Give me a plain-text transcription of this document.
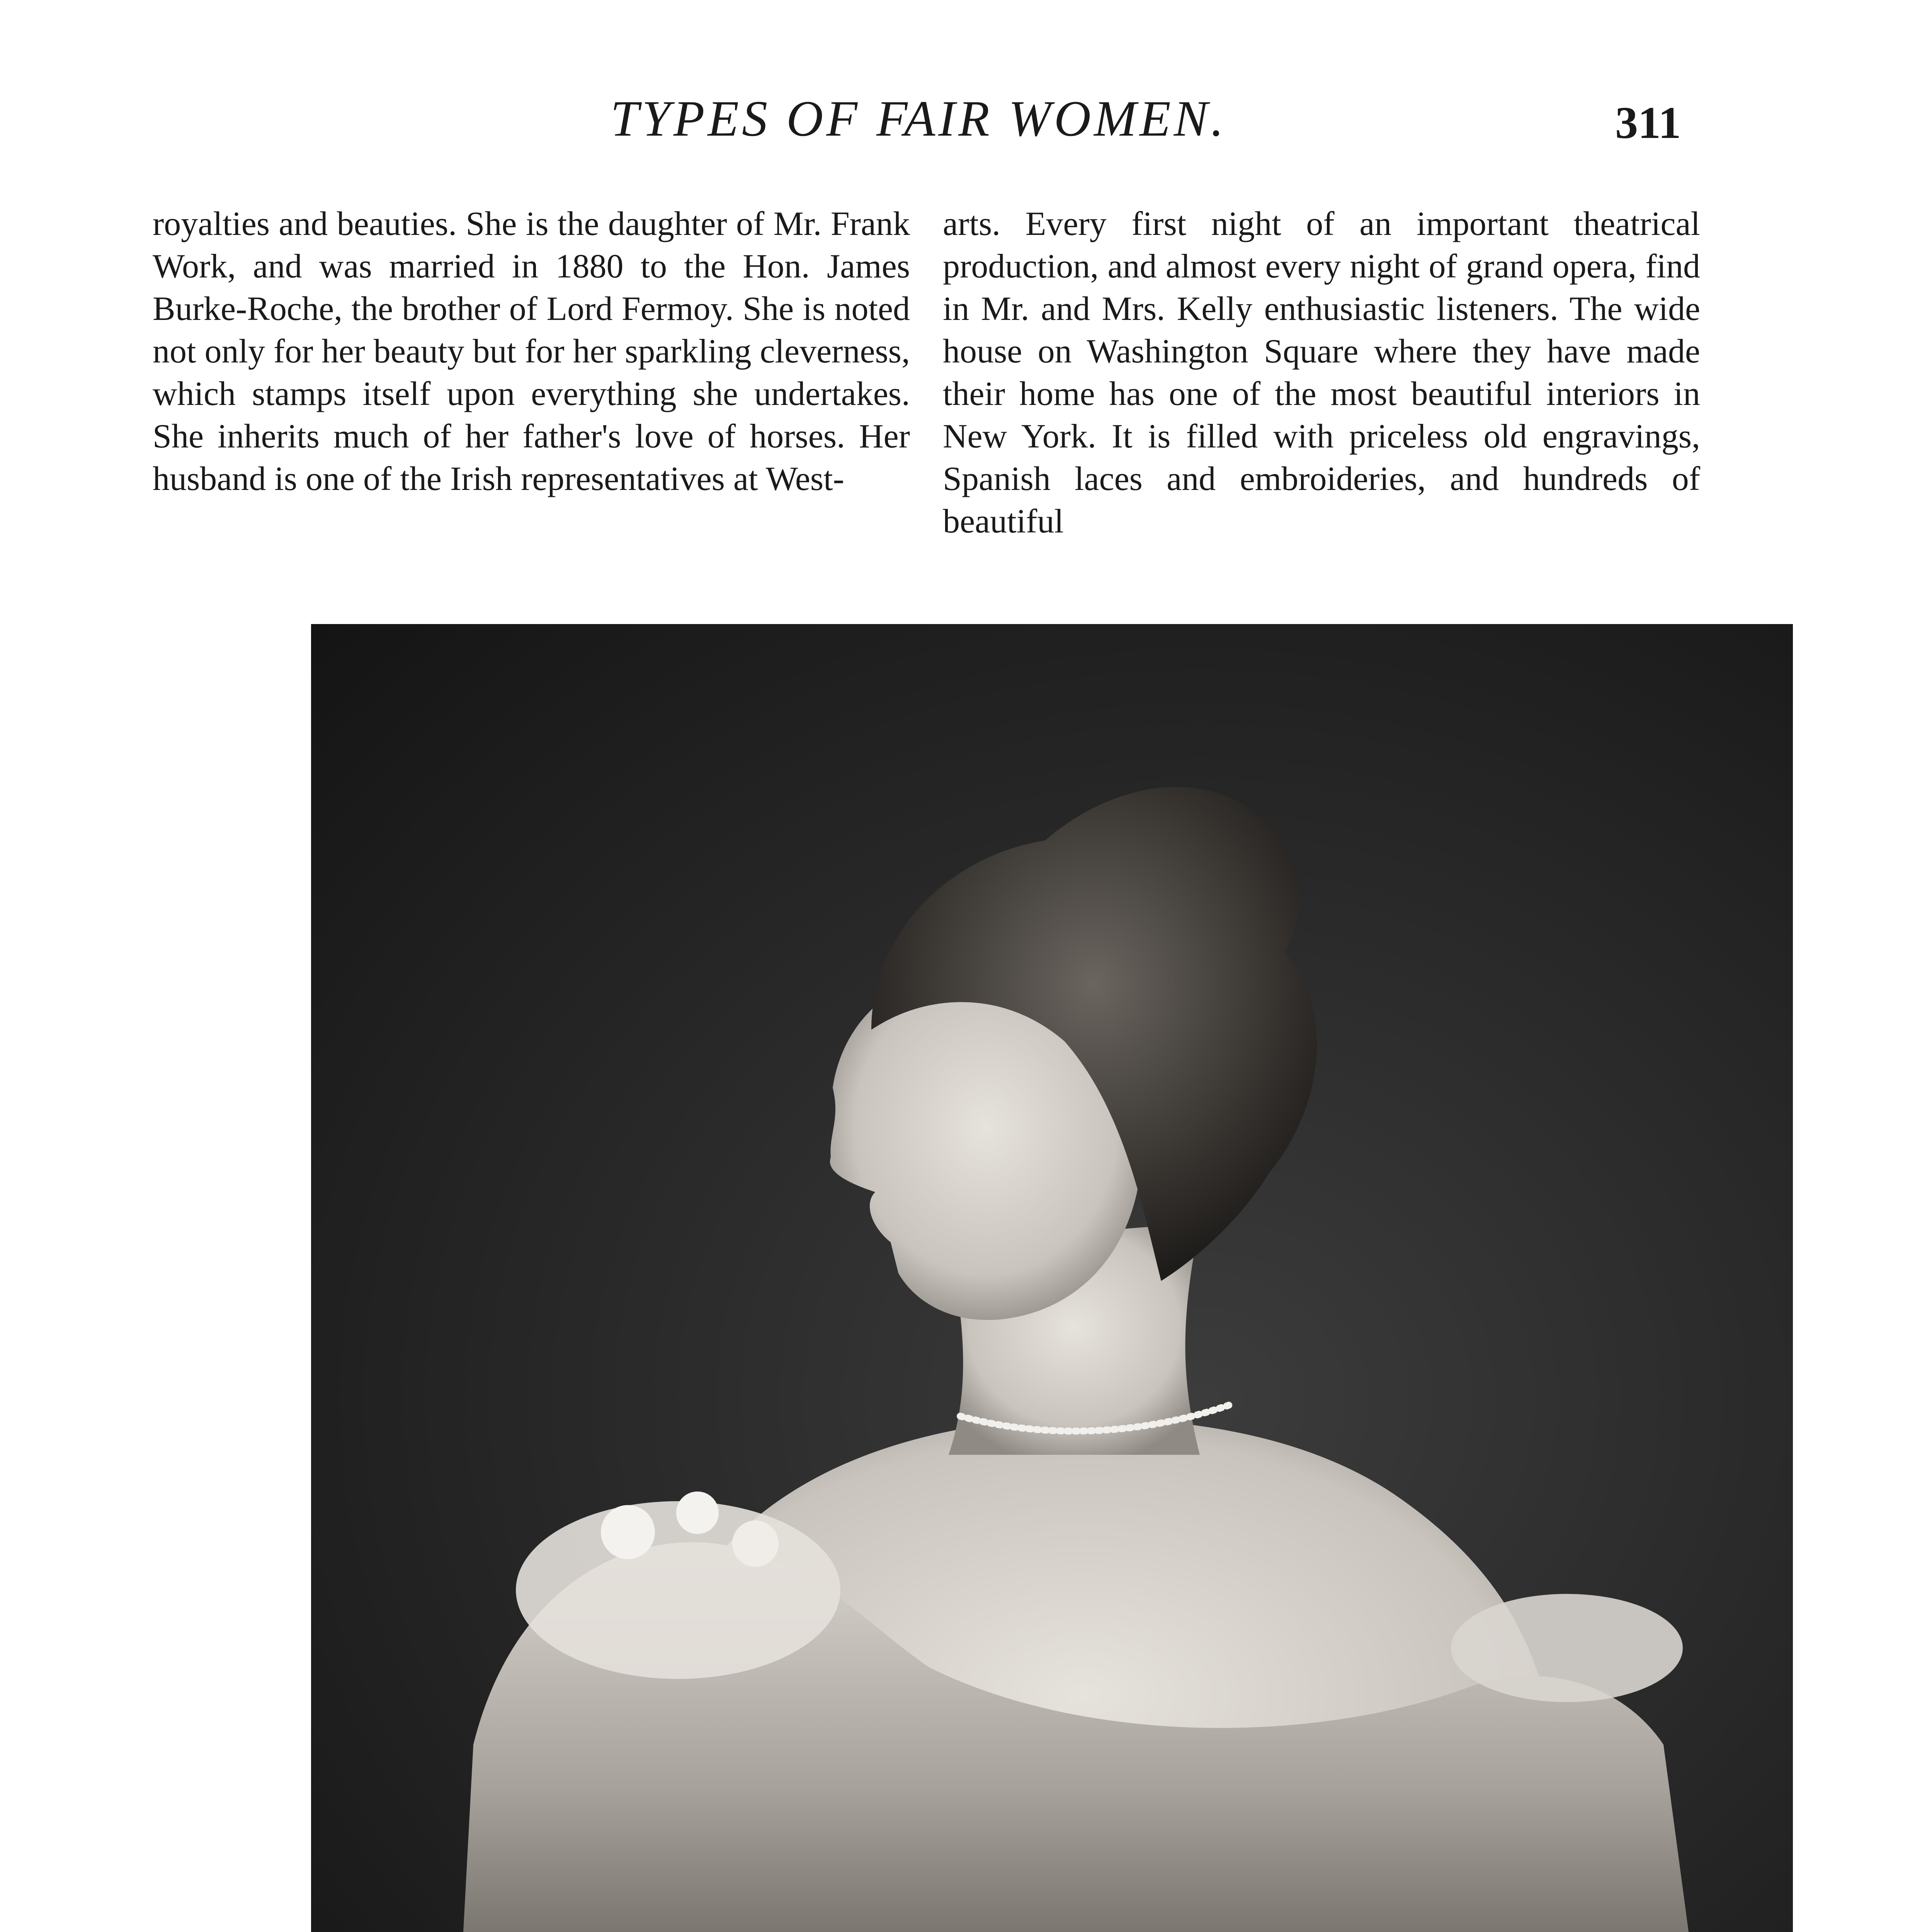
TYPES OF FAIR WOMEN.	311

royalties and beauties. She is the daughter of Mr. Frank Work, and was married in 1880 to the Hon. James Burke-Roche, the brother of Lord Fermoy. She is noted not only for her beauty but for her sparkling cleverness, which stamps itself upon everything she undertakes. She inherits much of her father's love of horses. Her husband is one of the Irish representatives at West-

arts. Every first night of an important theatrical production, and almost every night of grand opera, find in Mr. and Mrs. Kelly enthusiastic listeners. The wide house on Washington Square where they have made their home has one of the most beautiful interiors in New York. It is filled with priceless old engravings, Spanish laces and embroideries, and hundreds of beautiful
